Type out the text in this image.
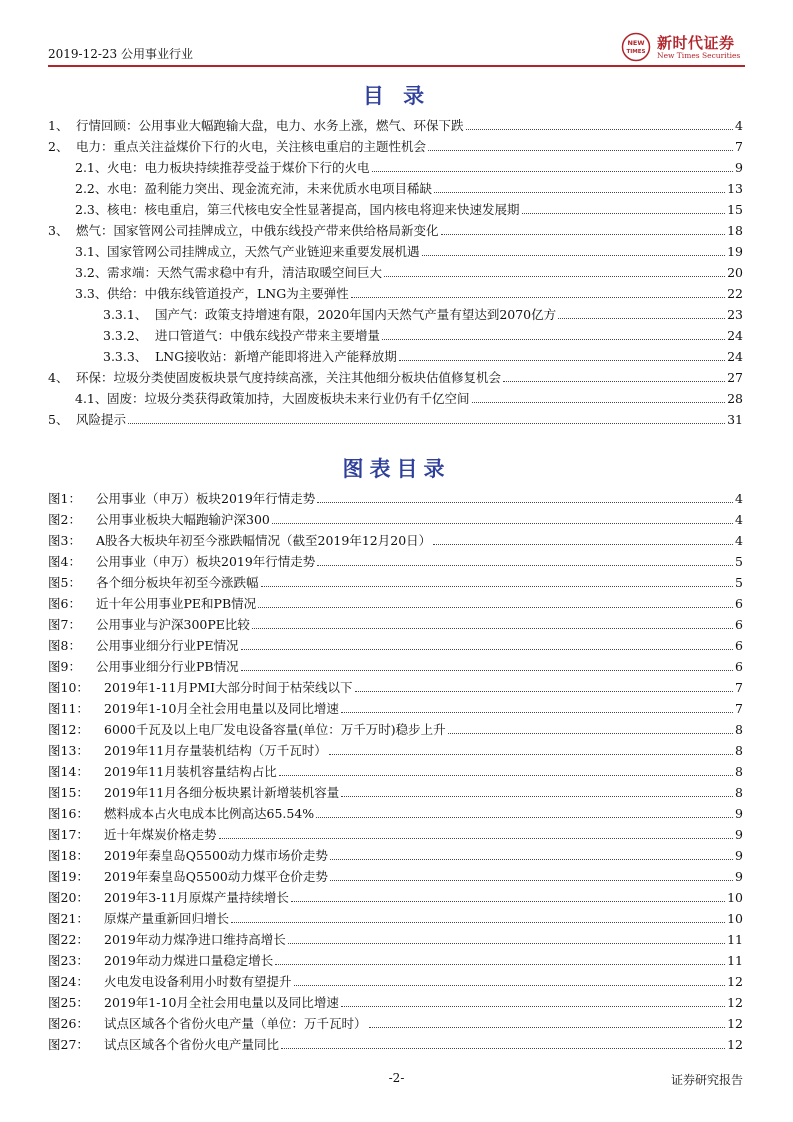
2019-12-23 公用事业行业
NEW
TIMES 新时代证券
New Times Securities
目 录
1、 行情回顾：公用事业大幅跑输大盘，电力、水务上涨，燃气、环保下跌	4
2、 电力：重点关注益煤价下行的火电，关注核电重启的主题性机会	7
2.1、 火电：电力板块持续推荐受益于煤价下行的火电	9
2.2、 水电：盈利能力突出、现金流充沛，未来优质水电项目稀缺	13
2.3、 核电：核电重启，第三代核电安全性显著提高，国内核电将迎来快速发展期	15
3、 燃气：国家管网公司挂牌成立，中俄东线投产带来供给格局新变化	18
3.1、 国家管网公司挂牌成立，天然气产业链迎来重要发展机遇	19
3.2、 需求端：天然气需求稳中有升，清洁取暖空间巨大	20
3.3、 供给：中俄东线管道投产，LNG为主要弹性	22
3.3.1、 国产气：政策支持增速有限，2020年国内天然气产量有望达到2070亿方	23
3.3.2、 进口管道气：中俄东线投产带来主要增量	24
3.3.3、 LNG接收站：新增产能即将进入产能释放期	24
4、 环保：垃圾分类使固废板块景气度持续高涨，关注其他细分板块估值修复机会	27
4.1、 固废：垃圾分类获得政策加持，大固废板块未来行业仍有千亿空间	28
5、 风险提示	31
图表目录
图1：	公用事业（申万）板块2019年行情走势	4
图2：	公用事业板块大幅跑输沪深300	4
图3：	A股各大板块年初至今涨跌幅情况（截至2019年12月20日）	4
图4：	公用事业（申万）板块2019年行情走势	5
图5：	各个细分板块年初至今涨跌幅	5
图6：	近十年公用事业PE和PB情况	6
图7：	公用事业与沪深300PE比较	6
图8：	公用事业细分行业PE情况	6
图9：	公用事业细分行业PB情况	6
图10：	2019年1-11月PMI大部分时间于枯荣线以下	7
图11：	2019年1-10月全社会用电量以及同比增速	7
图12：	6000千瓦及以上电厂发电设备容量(单位：万千万时)稳步上升	8
图13：	2019年11月存量装机结构（万千瓦时）	8
图14：	2019年11月装机容量结构占比	8
图15：	2019年11月各细分板块累计新增装机容量	8
图16：	燃料成本占火电成本比例高达65.54%	9
图17：	近十年煤炭价格走势	9
图18：	2019年秦皇岛Q5500动力煤市场价走势	9
图19：	2019年秦皇岛Q5500动力煤平仓价走势	9
图20：	2019年3-11月原煤产量持续增长	10
图21：	原煤产量重新回归增长	10
图22：	2019年动力煤净进口维持高增长	11
图23：	2019年动力煤进口量稳定增长	11
图24：	火电发电设备利用小时数有望提升	12
图25：	2019年1-10月全社会用电量以及同比增速	12
图26：	试点区域各个省份火电产量（单位：万千瓦时）	12
图27：	试点区域各个省份火电产量同比	12
-2-	证券研究报告
